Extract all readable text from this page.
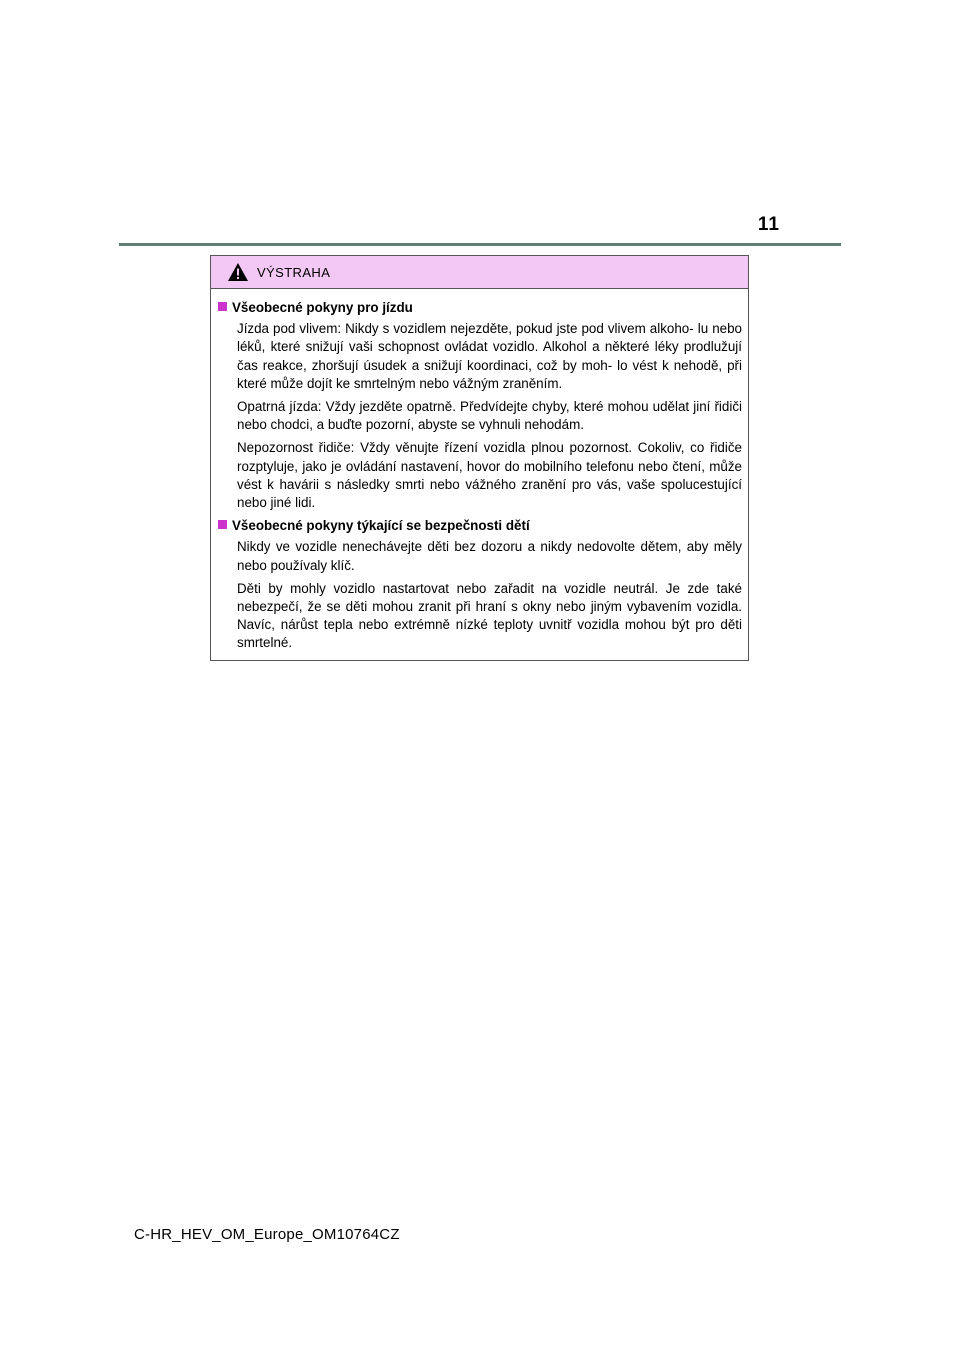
11
VÝSTRAHA
Všeobecné pokyny pro jízdu

Jízda pod vlivem: Nikdy s vozidlem nejezděte, pokud jste pod vlivem alkoho- lu nebo léků, které snižují vaši schopnost ovládat vozidlo. Alkohol a některé léky prodlužují čas reakce, zhoršují úsudek a snižují koordinaci, což by moh- lo vést k nehodě, při které může dojít ke smrtelným nebo vážným zraněním.

Opatrná jízda: Vždy jezděte opatrně. Předvídejte chyby, které mohou udělat jiní řidiči nebo chodci, a buďte pozorní, abyste se vyhnuli nehodám.

Nepozornost řidiče: Vždy věnujte řízení vozidla plnou pozornost. Cokoliv, co řidiče rozptyluje, jako je ovládání nastavení, hovor do mobilního telefonu nebo čtení, může vést k havárii s následky smrti nebo vážného zranění pro vás, vaše spolucestující nebo jiné lidi.

Všeobecné pokyny týkající se bezpečnosti dětí

Nikdy ve vozidle nenechávejte děti bez dozoru a nikdy nedovolte dětem, aby měly nebo používaly klíč.

Děti by mohly vozidlo nastartovat nebo zařadit na vozidle neutrál. Je zde také nebezpečí, že se děti mohou zranit při hraní s okny nebo jiným vybavením vozidla. Navíc, nárůst tepla nebo extrémně nízké teploty uvnitř vozidla mohou být pro děti smrtelné.

C-HR_HEV_OM_Europe_OM10764CZ
